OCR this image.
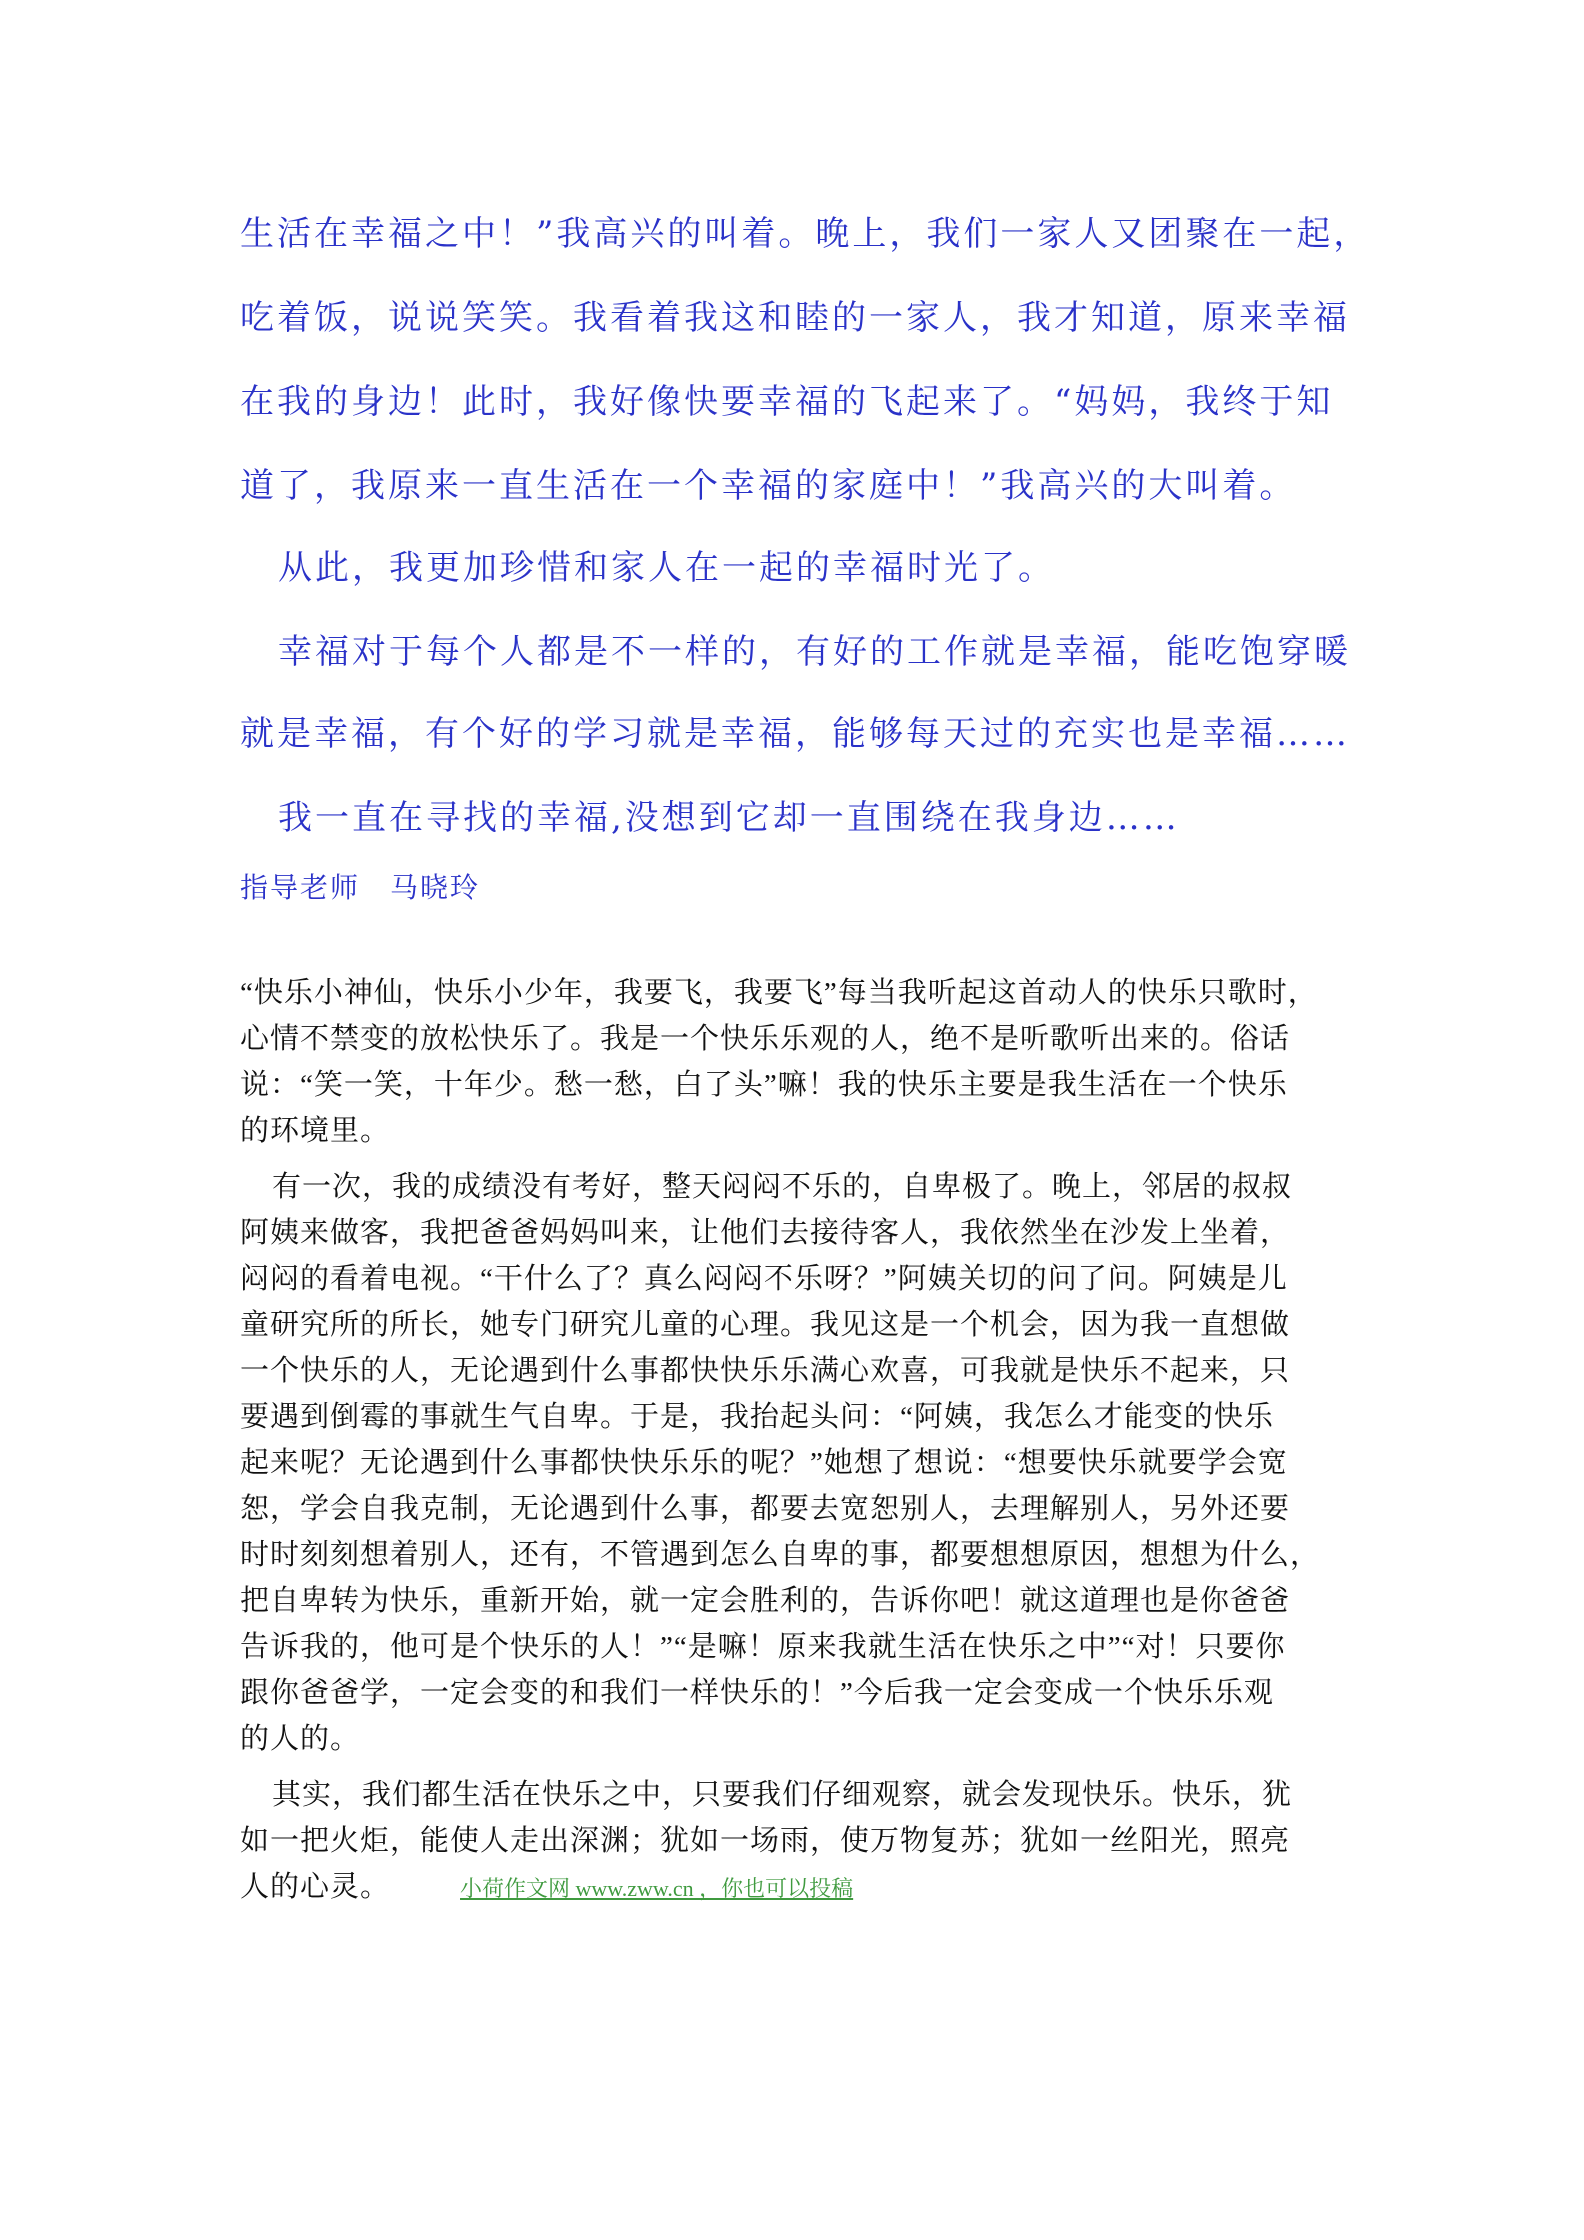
生活在幸福之中！”我高兴的叫着。晚上，我们一家人又团聚在一起，

吃着饭，说说笑笑。我看着我这和睦的一家人，我才知道，原来幸福

在我的身边！此时，我好像快要幸福的飞起来了。“妈妈，我终于知

道了，我原来一直生活在一个幸福的家庭中！”我高兴的大叫着。

从此，我更加珍惜和家人在一起的幸福时光了。

幸福对于每个人都是不一样的，有好的工作就是幸福，能吃饱穿暖

就是幸福，有个好的学习就是幸福，能够每天过的充实也是幸福……

我一直在寻找的幸福,没想到它却一直围绕在我身边……

指导老师　马晓玲

“快乐小神仙，快乐小少年，我要飞，我要飞”每当我听起这首动人的快乐只歌时，

心情不禁变的放松快乐了。我是一个快乐乐观的人，绝不是听歌听出来的。俗话

说：“笑一笑，十年少。愁一愁，白了头”嘛！我的快乐主要是我生活在一个快乐

的环境里。

有一次，我的成绩没有考好，整天闷闷不乐的，自卑极了。晚上，邻居的叔叔

阿姨来做客，我把爸爸妈妈叫来，让他们去接待客人，我依然坐在沙发上坐着，

闷闷的看着电视。“干什么了？真么闷闷不乐呀？”阿姨关切的问了问。阿姨是儿

童研究所的所长，她专门研究儿童的心理。我见这是一个机会，因为我一直想做

一个快乐的人，无论遇到什么事都快快乐乐满心欢喜，可我就是快乐不起来，只

要遇到倒霉的事就生气自卑。于是，我抬起头问：“阿姨，我怎么才能变的快乐

起来呢？无论遇到什么事都快快乐乐的呢？”她想了想说：“想要快乐就要学会宽

恕，学会自我克制，无论遇到什么事，都要去宽恕别人，去理解别人，另外还要

时时刻刻想着别人，还有，不管遇到怎么自卑的事，都要想想原因，想想为什么，

把自卑转为快乐，重新开始，就一定会胜利的，告诉你吧！就这道理也是你爸爸

告诉我的，他可是个快乐的人！”“是嘛！原来我就生活在快乐之中”“对！只要你

跟你爸爸学，一定会变的和我们一样快乐的！”今后我一定会变成一个快乐乐观

的人的。

其实，我们都生活在快乐之中，只要我们仔细观察，就会发现快乐。快乐，犹

如一把火炬，能使人走出深渊；犹如一场雨，使万物复苏；犹如一丝阳光，照亮

人的心灵。	小荷作文网 www.zww.cn ，你也可以投稿
